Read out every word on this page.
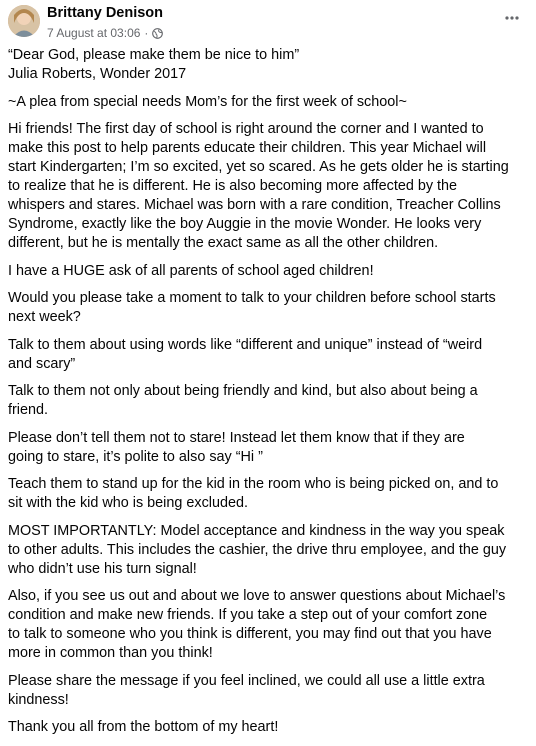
Brittany Denison
7 August at 03:06 ·

“Dear God, please make them be nice to him”
Julia Roberts, Wonder 2017

~A plea from special needs Mom’s for the first week of school~

Hi friends! The first day of school is right around the corner and I wanted to
make this post to help parents educate their children. This year Michael will
start Kindergarten; I’m so excited, yet so scared. As he gets older he is starting
to realize that he is different. He is also becoming more affected by the
whispers and stares. Michael was born with a rare condition, Treacher Collins
Syndrome, exactly like the boy Auggie in the movie Wonder. He looks very
different, but he is mentally the exact same as all the other children.

I have a HUGE ask of all parents of school aged children!

Would you please take a moment to talk to your children before school starts
next week?

Talk to them about using words like “different and unique” instead of “weird
and scary”

Talk to them not only about being friendly and kind, but also about being a
friend.

Please don’t tell them not to stare! Instead let them know that if they are
going to stare, it’s polite to also say “Hi ”

Teach them to stand up for the kid in the room who is being picked on, and to
sit with the kid who is being excluded.

MOST IMPORTANTLY: Model acceptance and kindness in the way you speak
to other adults. This includes the cashier, the drive thru employee, and the guy
who didn’t use his turn signal!

Also, if you see us out and about we love to answer questions about Michael’s
condition and make new friends. If you take a step out of your comfort zone
to talk to someone who you think is different, you may find out that you have
more in common than you think!

Please share the message if you feel inclined, we could all use a little extra
kindness!

Thank you all from the bottom of my heart!
